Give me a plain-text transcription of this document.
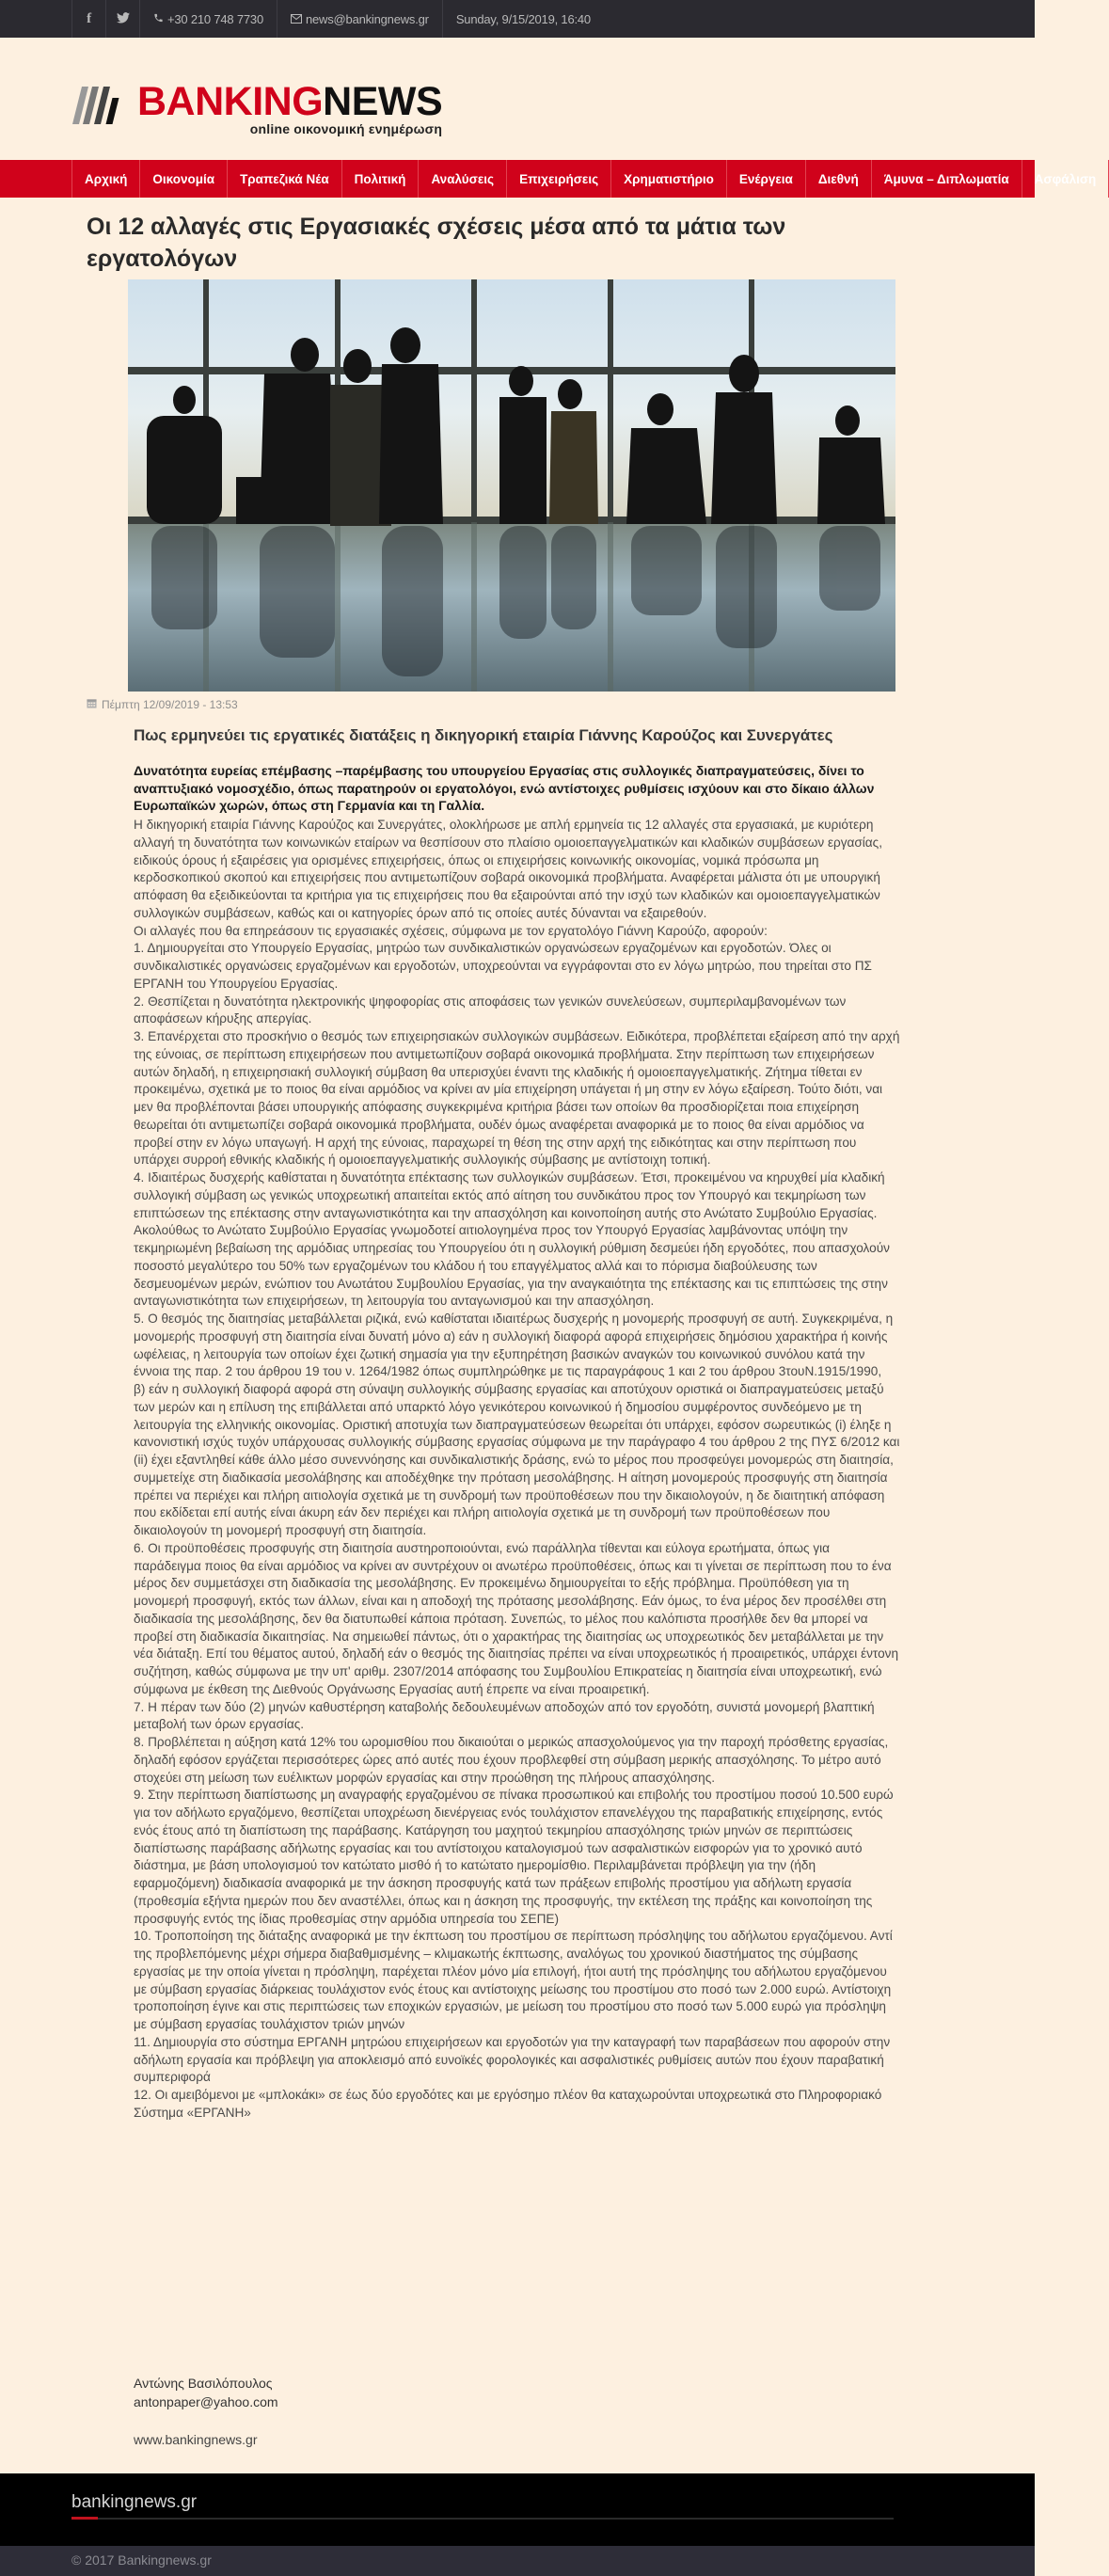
f	+30 210 748 7730	news@bankingnews.gr Sunday, 9/15/2019, 16:40
BANKINGNEWS
online οικονομική ενημέρωση
Αρχική	Οικονομία	Τραπεζικά Νέα	Πολιτική	Αναλύσεις	Επιχειρήσεις	Χρηματιστήριο	Ενέργεια	Διεθνή	Άμυνα – Διπλωματία	Ασφάλιση
Οι 12 αλλαγές στις Εργασιακές σχέσεις μέσα από τα μάτια των εργατολόγων
Πέμπτη 12/09/2019 - 13:53
Πως ερμηνεύει τις εργατικές διατάξεις η δικηγορική εταιρία Γιάννης Καρούζος και Συνεργάτες

Δυνατότητα ευρείας επέμβασης –παρέμβασης του υπουργείου Εργασίας στις συλλογικές διαπραγματεύσεις, δίνει το αναπτυξιακό νομοσχέδιο, όπως παρατηρούν οι εργατολόγοι, ενώ αντίστοιχες ρυθμίσεις ισχύουν και στο δίκαιο άλλων Ευρωπαϊκών χωρών, όπως στη Γερμανία και τη Γαλλία.

Η δικηγορική εταιρία Γιάννης Καρούζος και Συνεργάτες, ολοκλήρωσε με απλή ερμηνεία τις 12 αλλαγές στα εργασιακά, με κυριότερη αλλαγή τη δυνατότητα των κοινωνικών εταίρων να θεσπίσουν στο πλαίσιο ομοιοεπαγγελματικών και κλαδικών συμβάσεων εργασίας, ειδικούς όρους ή εξαιρέσεις για ορισμένες επιχειρήσεις, όπως οι επιχειρήσεις κοινωνικής οικονομίας, νομικά πρόσωπα μη κερδοσκοπικού σκοπού και επιχειρήσεις που αντιμετωπίζουν σοβαρά οικονομικά προβλήματα. Αναφέρεται μάλιστα ότι με υπουργική απόφαση θα εξειδικεύονται τα κριτήρια για τις επιχειρήσεις που θα εξαιρούνται από την ισχύ των κλαδικών και ομοιοεπαγγελματικών συλλογικών συμβάσεων, καθώς και οι κατηγορίες όρων από τις οποίες αυτές δύνανται να εξαιρεθούν.

Οι αλλαγές που θα επηρεάσουν τις εργασιακές σχέσεις, σύμφωνα με τον εργατολόγο Γιάννη Καρούζο, αφορούν:

1. Δημιουργείται στο Υπουργείο Εργασίας, μητρώο των συνδικαλιστικών οργανώσεων εργαζομένων και εργοδοτών. Όλες οι συνδικαλιστικές οργανώσεις εργαζομένων και εργοδοτών, υποχρεούνται να εγγράφονται στο εν λόγω μητρώο, που τηρείται στο ΠΣ ΕΡΓΑΝΗ του Υπουργείου Εργασίας.

2. Θεσπίζεται η δυνατότητα ηλεκτρονικής ψηφοφορίας στις αποφάσεις των γενικών συνελεύσεων, συμπεριλαμβανομένων των αποφάσεων κήρυξης απεργίας.

3. Επανέρχεται στο προσκήνιο ο θεσμός των επιχειρησιακών συλλογικών συμβάσεων. Ειδικότερα, προβλέπεται εξαίρεση από την αρχή της εύνοιας, σε περίπτωση επιχειρήσεων που αντιμετωπίζουν σοβαρά οικονομικά προβλήματα. Στην περίπτωση των επιχειρήσεων αυτών δηλαδή, η επιχειρησιακή συλλογική σύμβαση θα υπερισχύει έναντι της κλαδικής ή ομοιοεπαγγελματικής. Ζήτημα τίθεται εν προκειμένω, σχετικά με το ποιος θα είναι αρμόδιος να κρίνει αν μία επιχείρηση υπάγεται ή μη στην εν λόγω εξαίρεση. Τούτο διότι, ναι μεν θα προβλέπονται βάσει υπουργικής απόφασης συγκεκριμένα κριτήρια βάσει των οποίων θα προσδιορίζεται ποια επιχείρηση θεωρείται ότι αντιμετωπίζει σοβαρά οικονομικά προβλήματα, ουδέν όμως αναφέρεται αναφορικά με το ποιος θα είναι αρμόδιος να προβεί στην εν λόγω υπαγωγή. Η αρχή της εύνοιας, παραχωρεί τη θέση της στην αρχή της ειδικότητας και στην περίπτωση που υπάρχει συρροή εθνικής κλαδικής ή ομοιοεπαγγελματικής συλλογικής σύμβασης με αντίστοιχη τοπική.

4. Ιδιαιτέρως δυσχερής καθίσταται η δυνατότητα επέκτασης των συλλογικών συμβάσεων. Έτσι, προκειμένου να κηρυχθεί μία κλαδική συλλογική σύμβαση ως γενικώς υποχρεωτική απαιτείται εκτός από αίτηση του συνδικάτου προς τον Υπουργό και τεκμηρίωση των επιπτώσεων της επέκτασης στην ανταγωνιστικότητα και την απασχόληση και κοινοποίηση αυτής στο Ανώτατο Συμβούλιο Εργασίας. Ακολούθως το Ανώτατο Συμβούλιο Εργασίας γνωμοδοτεί αιτιολογημένα προς τον Υπουργό Εργασίας λαμβάνοντας υπόψη την τεκμηριωμένη βεβαίωση της αρμόδιας υπηρεσίας του Υπουργείου ότι η συλλογική ρύθμιση δεσμεύει ήδη εργοδότες, που απασχολούν ποσοστό μεγαλύτερο του 50% των εργαζομένων του κλάδου ή του επαγγέλματος αλλά και το πόρισμα διαβούλευσης των δεσμευομένων μερών, ενώπιον του Ανωτάτου Συμβουλίου Εργασίας, για την αναγκαιότητα της επέκτασης και τις επιπτώσεις της στην ανταγωνιστικότητα των επιχειρήσεων, τη λειτουργία του ανταγωνισμού και την απασχόληση.

5. Ο θεσμός της διαιτησίας μεταβάλλεται ριζικά, ενώ καθίσταται ιδιαιτέρως δυσχερής η μονομερής προσφυγή σε αυτή. Συγκεκριμένα, η μονομερής προσφυγή στη διαιτησία είναι δυνατή μόνο α) εάν η συλλογική διαφορά αφορά επιχειρήσεις δημόσιου χαρακτήρα ή κοινής ωφέλειας, η λειτουργία των οποίων έχει ζωτική σημασία για την εξυπηρέτηση βασικών αναγκών του κοινωνικού συνόλου κατά την έννοια της παρ. 2 του άρθρου 19 του ν. 1264/1982 όπως συμπληρώθηκε με τις παραγράφους 1 και 2 του άρθρου 3τουΝ.1915/1990,

β) εάν η συλλογική διαφορά αφορά στη σύναψη συλλογικής σύμβασης εργασίας και αποτύχουν οριστικά οι διαπραγματεύσεις μεταξύ των μερών και η επίλυση της επιβάλλεται από υπαρκτό λόγο γενικότερου κοινωνικού ή δημοσίου συμφέροντος συνδεόμενο με τη λειτουργία της ελληνικής οικονομίας. Οριστική αποτυχία των διαπραγματεύσεων θεωρείται ότι υπάρχει, εφόσον σωρευτικώς (i) έληξε η κανονιστική ισχύς τυχόν υπάρχουσας συλλογικής σύμβασης εργασίας σύμφωνα με την παράγραφο 4 του άρθρου 2 της ΠΥΣ 6/2012 και (ii) έχει εξαντληθεί κάθε άλλο μέσο συνεννόησης και συνδικαλιστικής δράσης, ενώ το μέρος που προσφεύγει μονομερώς στη διαιτησία, συμμετείχε στη διαδικασία μεσολάβησης και αποδέχθηκε την πρόταση μεσολάβησης. Η αίτηση μονομερούς προσφυγής στη διαιτησία πρέπει να περιέχει και πλήρη αιτιολογία σχετικά με τη συνδρομή των προϋποθέσεων που την δικαιολογούν, η δε διαιτητική απόφαση που εκδίδεται επί αυτής είναι άκυρη εάν δεν περιέχει και πλήρη αιτιολογία σχετικά με τη συνδρομή των προϋποθέσεων που δικαιολογούν τη μονομερή προσφυγή στη διαιτησία.

6. Οι προϋποθέσεις προσφυγής στη διαιτησία αυστηροποιούνται, ενώ παράλληλα τίθενται και εύλογα ερωτήματα, όπως για παράδειγμα ποιος θα είναι αρμόδιος να κρίνει αν συντρέχουν οι ανωτέρω προϋποθέσεις, όπως και τι γίνεται σε περίπτωση που το ένα μέρος δεν συμμετάσχει στη διαδικασία της μεσολάβησης. Εν προκειμένω δημιουργείται το εξής πρόβλημα. Προϋπόθεση για τη μονομερή προσφυγή, εκτός των άλλων, είναι και η αποδοχή της πρότασης μεσολάβησης. Εάν όμως, το ένα μέρος δεν προσέλθει στη διαδικασία της μεσολάβησης, δεν θα διατυπωθεί κάποια πρόταση. Συνεπώς, το μέλος που καλόπιστα προσήλθε δεν θα μπορεί να προβεί στη διαδικασία δικαιτησίας. Να σημειωθεί πάντως, ότι ο χαρακτήρας της διαιτησίας ως υποχρεωτικός δεν μεταβάλλεται με την νέα διάταξη. Επί του θέματος αυτού, δηλαδή εάν ο θεσμός της διαιτησίας πρέπει να είναι υποχρεωτικός ή προαιρετικός, υπάρχει έντονη συζήτηση, καθώς σύμφωνα με την υπ' αριθμ. 2307/2014 απόφασης του Συμβουλίου Επικρατείας η διαιτησία είναι υποχρεωτική, ενώ σύμφωνα με έκθεση της Διεθνούς Οργάνωσης Εργασίας αυτή έπρεπε να είναι προαιρετική.

7. Η πέραν των δύο (2) μηνών καθυστέρηση καταβολής δεδουλευμένων αποδοχών από τον εργοδότη, συνιστά μονομερή βλαπτική μεταβολή των όρων εργασίας.

8. Προβλέπεται η αύξηση κατά 12% του ωρομισθίου που δικαιούται ο μερικώς απασχολούμενος για την παροχή πρόσθετης εργασίας, δηλαδή εφόσον εργάζεται περισσότερες ώρες από αυτές που έχουν προβλεφθεί στη σύμβαση μερικής απασχόλησης. Το μέτρο αυτό στοχεύει στη μείωση των ευέλικτων μορφών εργασίας και στην προώθηση της πλήρους απασχόλησης.

9. Στην περίπτωση διαπίστωσης μη αναγραφής εργαζομένου σε πίνακα προσωπικού και επιβολής του προστίμου ποσού 10.500 ευρώ για τον αδήλωτο εργαζόμενο, θεσπίζεται υποχρέωση διενέργειας ενός τουλάχιστον επανελέγχου της παραβατικής επιχείρησης, εντός ενός έτους από τη διαπίστωση της παράβασης. Κατάργηση του μαχητού τεκμηρίου απασχόλησης τριών μηνών σε περιπτώσεις διαπίστωσης παράβασης αδήλωτης εργασίας και του αντίστοιχου καταλογισμού των ασφαλιστικών εισφορών για το χρονικό αυτό διάστημα, με βάση υπολογισμού τον κατώτατο μισθό ή το κατώτατο ημερομίσθιο. Περιλαμβάνεται πρόβλεψη για την (ήδη εφαρμοζόμενη) διαδικασία αναφορικά με την άσκηση προσφυγής κατά των πράξεων επιβολής προστίμου για αδήλωτη εργασία (προθεσμία εξήντα ημερών που δεν αναστέλλει, όπως και η άσκηση της προσφυγής, την εκτέλεση της πράξης και κοινοποίηση της προσφυγής εντός της ίδιας προθεσμίας στην αρμόδια υπηρεσία του ΣΕΠΕ)

10. Τροποποίηση της διάταξης αναφορικά με την έκπτωση του προστίμου σε περίπτωση πρόσληψης του αδήλωτου εργαζόμενου. Αντί της προβλεπόμενης μέχρι σήμερα διαβαθμισμένης – κλιμακωτής έκπτωσης, αναλόγως του χρονικού διαστήματος της σύμβασης εργασίας με την οποία γίνεται η πρόσληψη, παρέχεται πλέον μόνο μία επιλογή, ήτοι αυτή της πρόσληψης του αδήλωτου εργαζόμενου με σύμβαση εργασίας διάρκειας τουλάχιστον ενός έτους και αντίστοιχης μείωσης του προστίμου στο ποσό των 2.000 ευρώ. Αντίστοιχη τροποποίηση έγινε και στις περιπτώσεις των εποχικών εργασιών, με μείωση του προστίμου στο ποσό των 5.000 ευρώ για πρόσληψη με σύμβαση εργασίας τουλάχιστον τριών μηνών

11. Δημιουργία στο σύστημα ΕΡΓΑΝΗ μητρώου επιχειρήσεων και εργοδοτών για την καταγραφή των παραβάσεων που αφορούν στην αδήλωτη εργασία και πρόβλεψη για αποκλεισμό από ευνοϊκές φορολογικές και ασφαλιστικές ρυθμίσεις αυτών που έχουν παραβατική συμπεριφορά

12. Οι αμειβόμενοι με «μπλοκάκι» σε έως δύο εργοδότες και με εργόσημο πλέον θα καταχωρούνται υποχρεωτικά στο Πληροφοριακό Σύστημα «ΕΡΓΑΝΗ»

Αντώνης Βασιλόπουλος
antonpaper@yahoo.com
www.bankingnews.gr
bankingnews.gr
© 2017 Bankingnews.gr
